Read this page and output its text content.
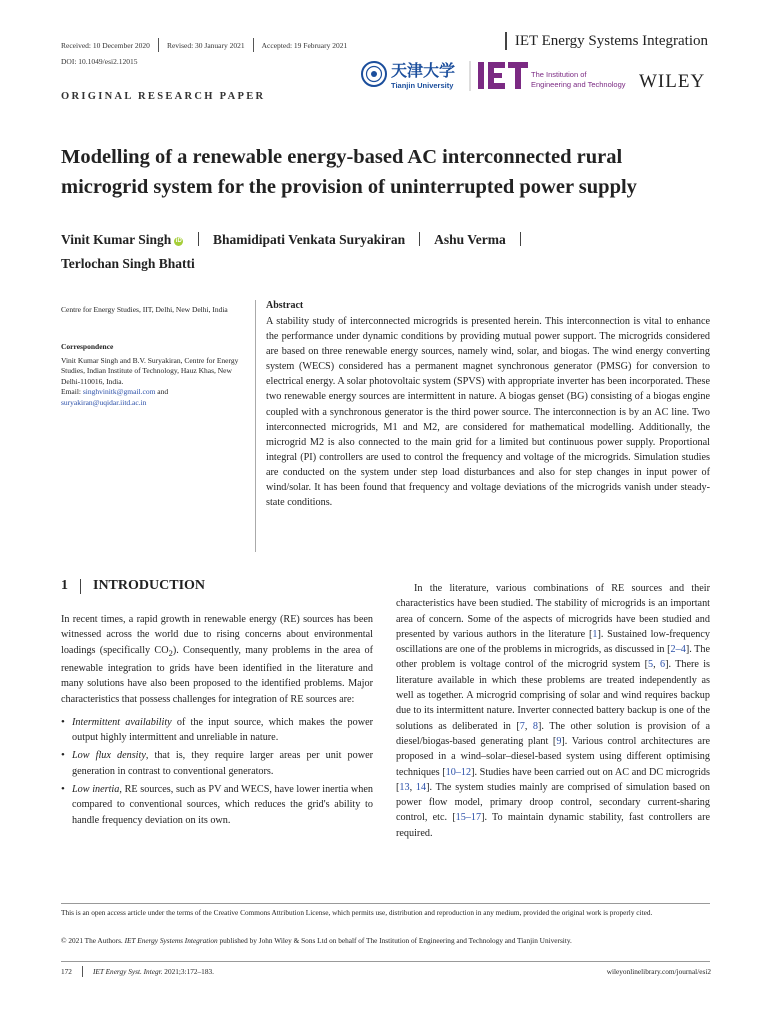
Received: 10 December 2020 Revised: 30 January 2021 Accepted: 19 February 2021	IET Energy Systems Integration
DOI: 10.1049/esi2.12015	天津大学
Tianjin University
The Institution of
Engineering and Technology WILEY
ORIGINAL RESEARCH PAPER
Modelling of a renewable energy-based AC interconnected rural microgrid system for the provision of uninterrupted power supply
Vinit Kumar Singh iD Bhamidipati Venkata Suryakiran Ashu Verma
Terlochan Singh Bhatti
Centre for Energy Studies, IIT, Delhi, New Delhi, India
Correspondence
Vinit Kumar Singh and B.V. Suryakiran, Centre for Energy Studies, Indian Institute of Technology, Hauz Khas, New Delhi-110016, India.
Email: singhvinitk@gmail.com and
suryakiran@uqidar.iitd.ac.in
Abstract
A stability study of interconnected microgrids is presented herein. This interconnection is vital to enhance the performance under dynamic conditions by providing mutual power support. The microgrids considered are based on three renewable energy sources, namely wind, solar, and biogas. The wind energy converting system (WECS) considered has a permanent magnet synchronous generator (PMSG) for conversion to electrical energy. A solar photovoltaic system (SPVS) with appropriate inverter has been incorporated. These two renewable energy sources are intermittent in nature. A biogas genset (BG) consisting of a biogas engine coupled with a synchronous generator is the third power source. The interconnection is by an AC line. Two interconnected microgrids, M1 and M2, are considered for mathematical modelling. Additionally, the microgrid M2 is also connected to the main grid for a limited but continuous power supply. Proportional integral (PI) controllers are used to control the frequency and voltage of the microgrids. Simulation studies are conducted on the system under step load disturbances and also for step changes in input power of wind/solar. It has been found that frequency and voltage deviations of the microgrids vanish under steady-state conditions.
1 INTRODUCTION

In recent times, a rapid growth in renewable energy (RE) sources has been witnessed across the world due to rising concerns about environmental loadings (specifically $CO_2$). Consequently, many problems in the area of renewable integration to grids have been identified in the literature and many solutions have also been proposed to the identified problems. Major characteristics that possess challenges for integration of RE sources are:

• Intermittent availability of the input source, which makes the power output highly intermittent and unreliable in nature.
• Low flux density, that is, they require larger areas per unit power generation in contrast to conventional generators.
• Low inertia, RE sources, such as PV and WECS, have lower inertia when compared to conventional sources, which reduces the grid's ability to handle frequency deviation on its own.

In the literature, various combinations of RE sources and their characteristics have been studied. The stability of microgrids is an important area of concern. Some of the aspects of microgrids have been studied and presented by various authors in the literature [1]. Sustained low-frequency oscillations are one of the problems in microgrids, as discussed in [2–4]. The other problem is voltage control of the microgrid system [5, 6]. There is literature available in which these problems are treated independently as well as together. A microgrid comprising of solar and wind requires backup due to its intermittent nature. Inverter connected battery backup is one of the solutions as deliberated in [7, 8]. The other solution is provision of a diesel/biogas-based generating plant [9]. Various control architectures are proposed in a wind–solar–diesel-based system using different optimising techniques [10–12]. Studies have been carried out on AC and DC microgrids [13, 14]. The system studies mainly are comprised of simulation based on power flow model, primary droop control, secondary current-sharing control, etc. [15–17]. To maintain dynamic stability, fast controllers are required.

This is an open access article under the terms of the Creative Commons Attribution License, which permits use, distribution and reproduction in any medium, provided the original work is properly cited.
© 2021 The Authors. IET Energy Systems Integration published by John Wiley & Sons Ltd on behalf of The Institution of Engineering and Technology and Tianjin University.
172	IET Energy Syst. Integr. 2021;3:172–183.	wileyonlinelibrary.com/journal/esi2
